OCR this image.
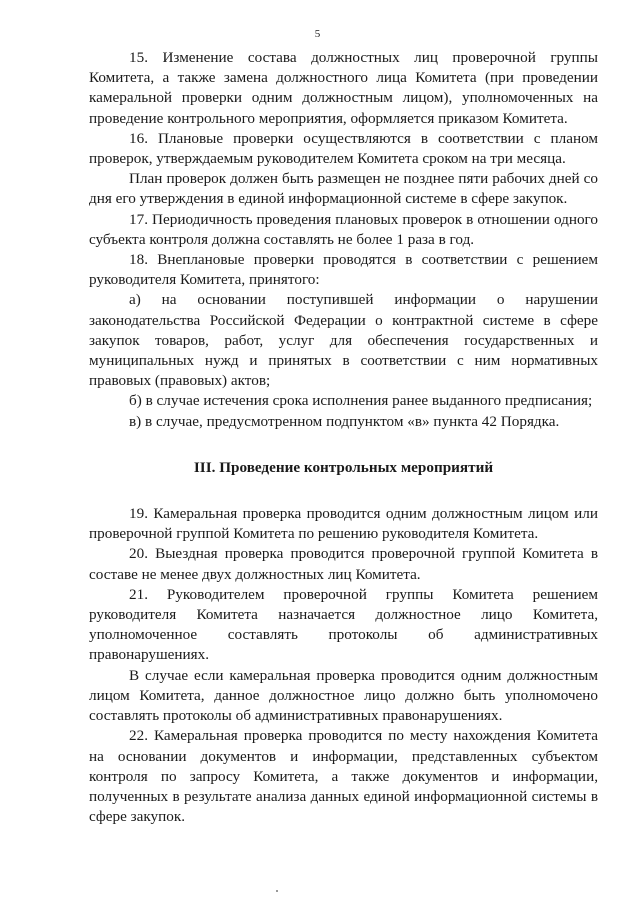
5

15. Изменение состава должностных лиц проверочной группы Комитета, а также замена должностного лица Комитета (при проведении камеральной проверки одним должностным лицом), уполномоченных на проведение контрольного мероприятия, оформляется приказом Комитета.

16. Плановые проверки осуществляются в соответствии с планом проверок, утверждаемым руководителем Комитета сроком на три месяца.

План проверок должен быть размещен не позднее пяти рабочих дней со дня его утверждения в единой информационной системе в сфере закупок.

17. Периодичность проведения плановых проверок в отношении одного субъекта контроля должна составлять не более 1 раза в год.

18. Внеплановые проверки проводятся в соответствии с решением руководителя Комитета, принятого:

а) на основании поступившей информации о нарушении законодательства Российской Федерации о контрактной системе в сфере закупок товаров, работ, услуг для обеспечения государственных и муниципальных нужд и принятых в соответствии с ним нормативных правовых (правовых) актов;

б) в случае истечения срока исполнения ранее выданного предписания;

в) в случае, предусмотренном подпунктом «в» пункта 42 Порядка.

III. Проведение контрольных мероприятий

19. Камеральная проверка проводится одним должностным лицом или проверочной группой Комитета по решению руководителя Комитета.

20. Выездная проверка проводится проверочной группой Комитета в составе не менее двух должностных лиц Комитета.

21. Руководителем проверочной группы Комитета решением руководителя Комитета назначается должностное лицо Комитета, уполномоченное составлять протоколы об административных правонарушениях.

В случае если камеральная проверка проводится одним должностным лицом Комитета, данное должностное лицо должно быть уполномочено составлять протоколы об административных правонарушениях.

22. Камеральная проверка проводится по месту нахождения Комитета на основании документов и информации, представленных субъектом контроля по запросу Комитета, а также документов и информации, полученных в результате анализа данных единой информационной системы в сфере закупок.
